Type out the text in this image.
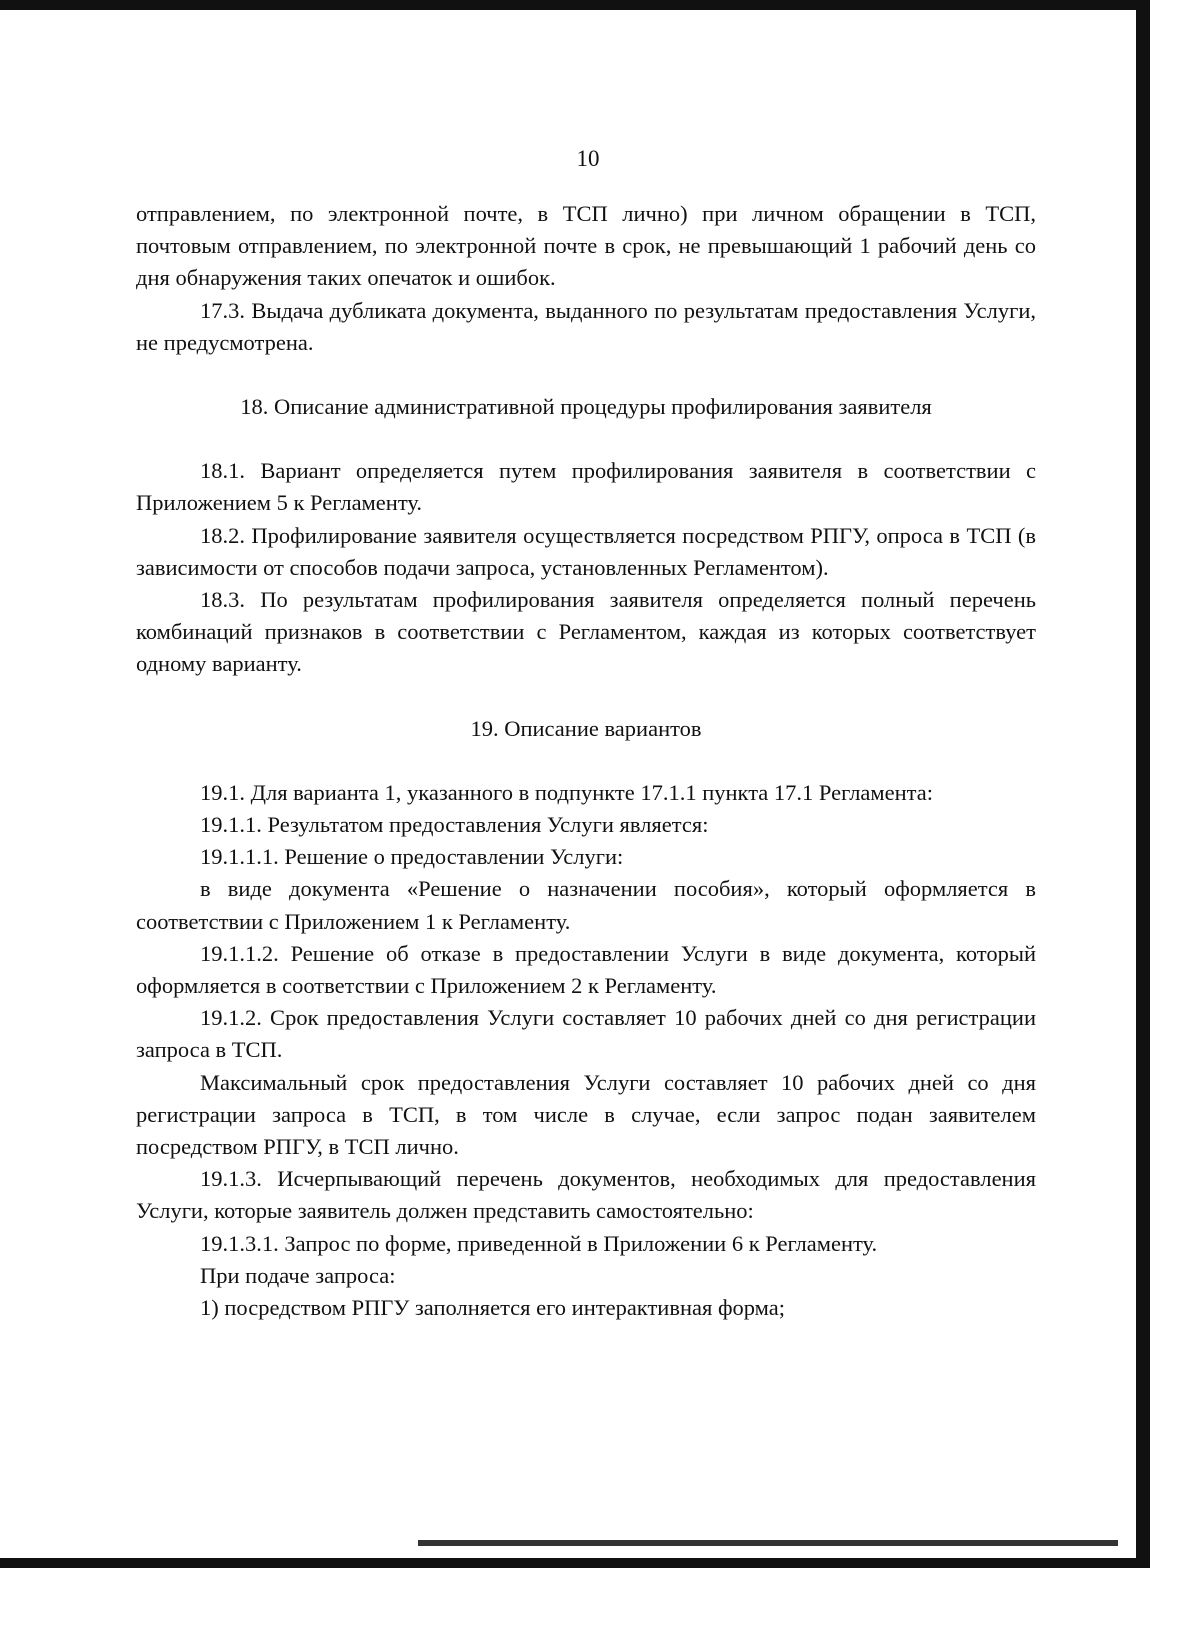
10

отправлением, по электронной почте, в ТСП лично) при личном обращении в ТСП, почтовым отправлением, по электронной почте в срок, не превышающий 1 рабочий день со дня обнаружения таких опечаток и ошибок.

17.3. Выдача дубликата документа, выданного по результатам предоставления Услуги, не предусмотрена.

18. Описание административной процедуры профилирования заявителя

18.1. Вариант определяется путем профилирования заявителя в соответствии с Приложением 5 к Регламенту.

18.2. Профилирование заявителя осуществляется посредством РПГУ, опроса в ТСП (в зависимости от способов подачи запроса, установленных Регламентом).

18.3. По результатам профилирования заявителя определяется полный перечень комбинаций признаков в соответствии с Регламентом, каждая из которых соответствует одному варианту.

19. Описание вариантов

19.1. Для варианта 1, указанного в подпункте 17.1.1 пункта 17.1 Регламента:

19.1.1. Результатом предоставления Услуги является:

19.1.1.1. Решение о предоставлении Услуги:

в виде документа «Решение о назначении пособия», который оформляется в соответствии с Приложением 1 к Регламенту.

19.1.1.2. Решение об отказе в предоставлении Услуги в виде документа, который оформляется в соответствии с Приложением 2 к Регламенту.

19.1.2. Срок предоставления Услуги составляет 10 рабочих дней со дня регистрации запроса в ТСП.

Максимальный срок предоставления Услуги составляет 10 рабочих дней со дня регистрации запроса в ТСП, в том числе в случае, если запрос подан заявителем посредством РПГУ, в ТСП лично.

19.1.3. Исчерпывающий перечень документов, необходимых для предоставления Услуги, которые заявитель должен представить самостоятельно:

19.1.3.1. Запрос по форме, приведенной в Приложении 6 к Регламенту.

При подаче запроса:

1) посредством РПГУ заполняется его интерактивная форма;
